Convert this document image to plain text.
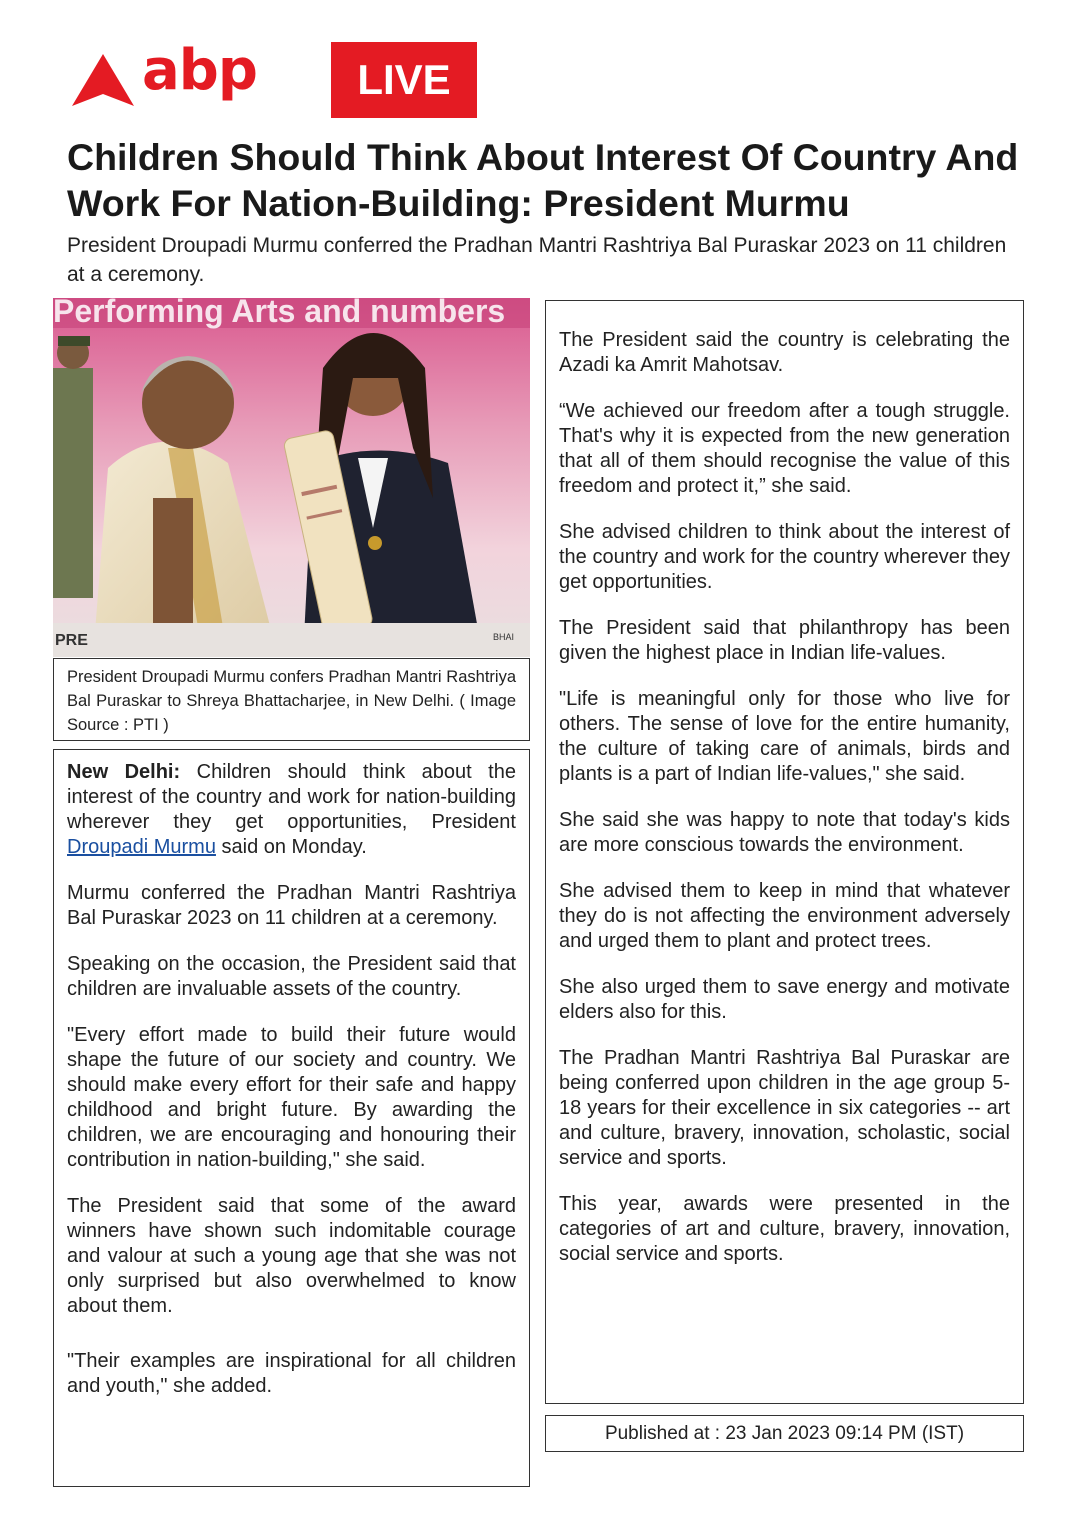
abp	LIVE
Children Should Think About Interest Of Country And Work For Nation-Building: President Murmu

President Droupadi Murmu conferred the Pradhan Mantri Rashtriya Bal Puraskar 2023 on 11 children at a ceremony.

Performing Arts and numbers
PRE	BHAI
President Droupadi Murmu confers Pradhan Mantri Rashtriya Bal Puraskar to Shreya Bhattacharjee, in New Delhi. ( Image Source : PTI )

New Delhi: Children should think about the interest of the country and work for nation-building wherever they get opportunities, President Droupadi Murmu said on Monday.

Murmu conferred the Pradhan Mantri Rashtriya Bal Puraskar 2023 on 11 children at a ceremony.

Speaking on the occasion, the President said that children are invaluable assets of the country.

"Every effort made to build their future would shape the future of our society and country. We should make every effort for their safe and happy childhood and bright future. By awarding the children, we are encouraging and honouring their contribution in nation-building," she said.

The President said that some of the award winners have shown such indomitable courage and valour at such a young age that she was not only surprised but also overwhelmed to know about them.

"Their examples are inspirational for all children and youth," she added.

The President said the country is celebrating the Azadi ka Amrit Mahotsav.

“We achieved our freedom after a tough struggle. That's why it is expected from the new generation that all of them should recognise the value of this freedom and protect it,” she said.

She advised children to think about the interest of the country and work for the country wherever they get opportunities.

The President said that philanthropy has been given the highest place in Indian life-values.

"Life is meaningful only for those who live for others. The sense of love for the entire humanity, the culture of taking care of animals, birds and plants is a part of Indian life-values," she said.

She said she was happy to note that today's kids are more conscious towards the environment.

She advised them to keep in mind that whatever they do is not affecting the environment adversely and urged them to plant and protect trees.

She also urged them to save energy and motivate elders also for this.

The Pradhan Mantri Rashtriya Bal Puraskar are being conferred upon children in the age group 5- 18 years for their excellence in six categories -- art and culture, bravery, innovation, scholastic, social service and sports.

This year, awards were presented in the categories of art and culture, bravery, innovation, social service and sports.

Published at : 23 Jan 2023 09:14 PM (IST)
